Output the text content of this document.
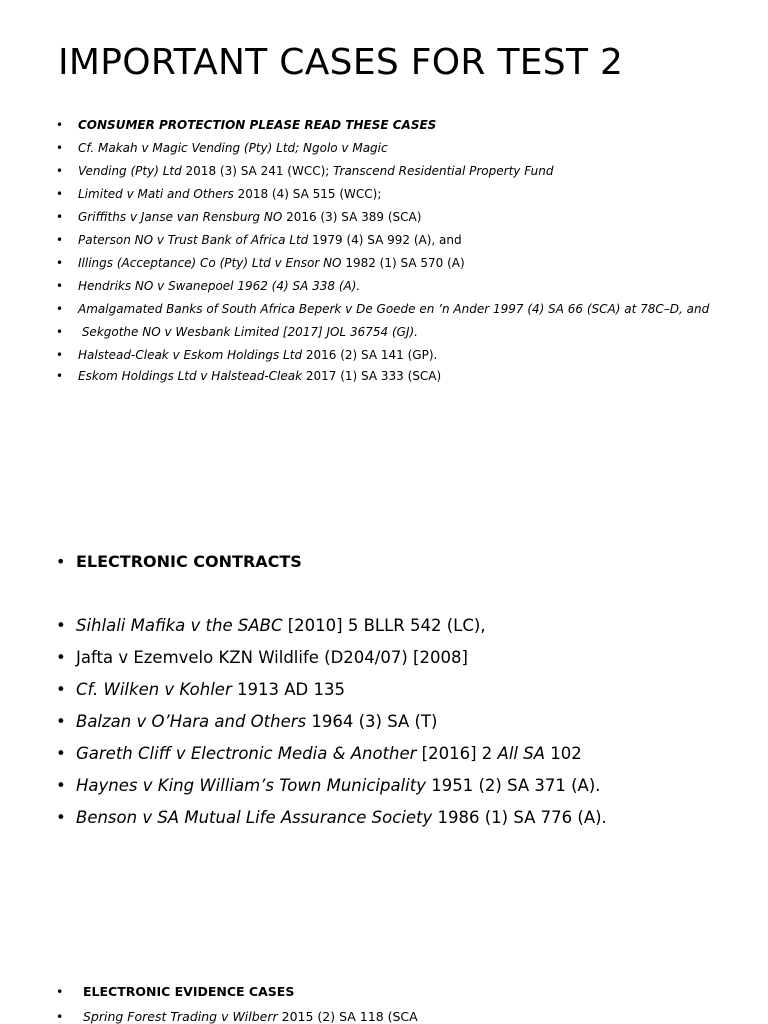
IMPORTANT CASES FOR TEST 2
•	CONSUMER PROTECTION PLEASE READ THESE CASES
•	Cf. Makah v Magic Vending (Pty) Ltd; Ngolo v Magic
•	Vending (Pty) Ltd 2018 (3) SA 241 (WCC); Transcend Residential Property Fund
•	Limited v Mati and Others 2018 (4) SA 515 (WCC);
•	Griffiths v Janse van Rensburg NO 2016 (3) SA 389 (SCA)
•	Paterson NO v Trust Bank of Africa Ltd 1979 (4) SA 992 (A), and
•	Illings (Acceptance) Co (Pty) Ltd v Ensor NO 1982 (1) SA 570 (A)
•	Hendriks NO v Swanepoel 1962 (4) SA 338 (A).
•	Amalgamated Banks of South Africa Beperk v De Goede en ’n Ander 1997 (4) SA 66 (SCA) at 78C–D, and
•	Sekgothe NO v Wesbank Limited [2017] JOL 36754 (GJ).
•	Halstead-Cleak v Eskom Holdings Ltd 2016 (2) SA 141 (GP).
•	Eskom Holdings Ltd v Halstead-Cleak 2017 (1) SA 333 (SCA)
• ELECTRONIC CONTRACTS
• Sihlali Mafika v the SABC [2010] 5 BLLR 542 (LC),
• Jafta v Ezemvelo KZN Wildlife (D204/07) [2008]
• Cf. Wilken v Kohler 1913 AD 135
• Balzan v O’Hara and Others 1964 (3) SA (T)
• Gareth Cliff v Electronic Media & Another [2016] 2 All SA 102
• Haynes v King William’s Town Municipality 1951 (2) SA 371 (A).
• Benson v SA Mutual Life Assurance Society 1986 (1) SA 776 (A).
•	ELECTRONIC EVIDENCE CASES
•	Spring Forest Trading v Wilberr 2015 (2) SA 118 (SCA
